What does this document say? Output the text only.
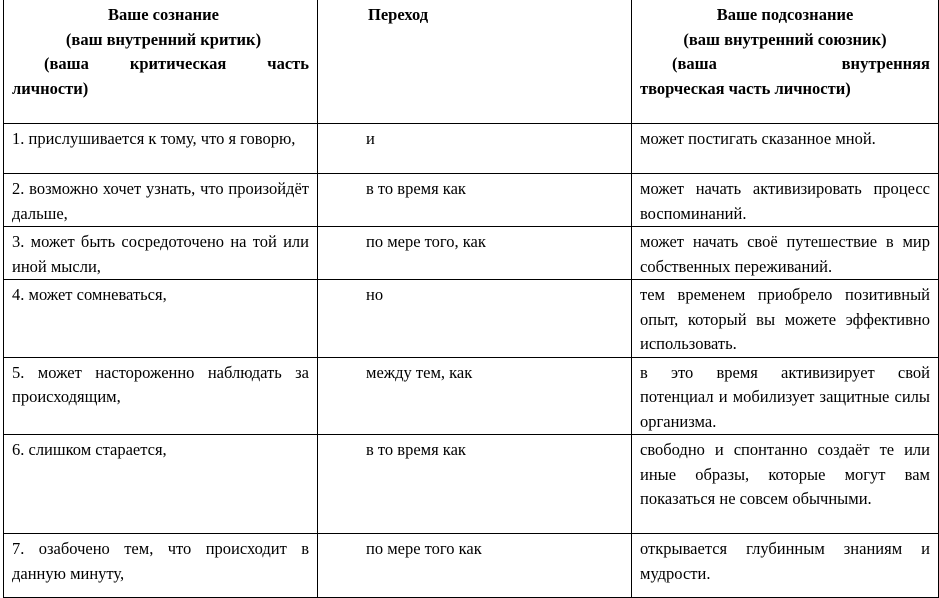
Ваше сознание
(ваш внутренний критик)
(ваша критическая часть
личности)	Переход	Ваше подсознание
(ваш внутренний союзник)
(ваша внутренняя
творческая часть личности)

1. прислушивается к тому, что я говорю,	и	может постигать сказанное мной.
2. возможно хочет узнать, что произойдёт дальше,	в то время как	может начать активизировать процесс воспоминаний.
3. может быть сосредоточено на той или иной мысли,	по мере того, как	может начать своё путешествие в мир собственных переживаний.
4. может сомневаться,	но	тем временем приобрело позитивный опыт, который вы можете эффективно использовать.
5. может настороженно наблюдать за происходящим,	между тем, как	в это время активизирует свой потенциал и мобилизует защитные силы организма.
6. слишком старается,	в то время как	свободно и спонтанно создаёт те или иные образы, которые могут вам показаться не совсем обычными.
7. озабочено тем, что происходит в данную минуту,	по мере того как	открывается глубинным знаниям и мудрости.
